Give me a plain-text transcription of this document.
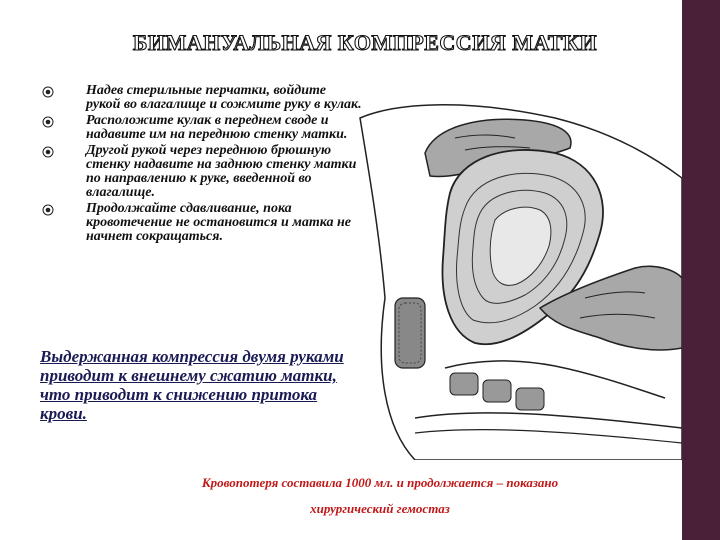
БИМАНУАЛЬНАЯ КОМПРЕССИЯ МАТКИ
Надев стерильные перчатки, войдите рукой во влагалище и сожмите руку в кулак.
Расположите кулак в переднем своде и надавите им на переднюю стенку матки.
Другой рукой через переднюю брюшную стенку надавите на заднюю стенку матки по направлению к руке, введенной во влагалище.
Продолжайте сдавливание, пока кровотечение не остановится и матка не начнет сокращаться.
Выдержанная компрессия двумя руками приводит к внешнему сжатию матки, что приводит к снижению притока крови.
Кровопотеря составила 1000 мл. и продолжается – показано
хирургический гемостаз
